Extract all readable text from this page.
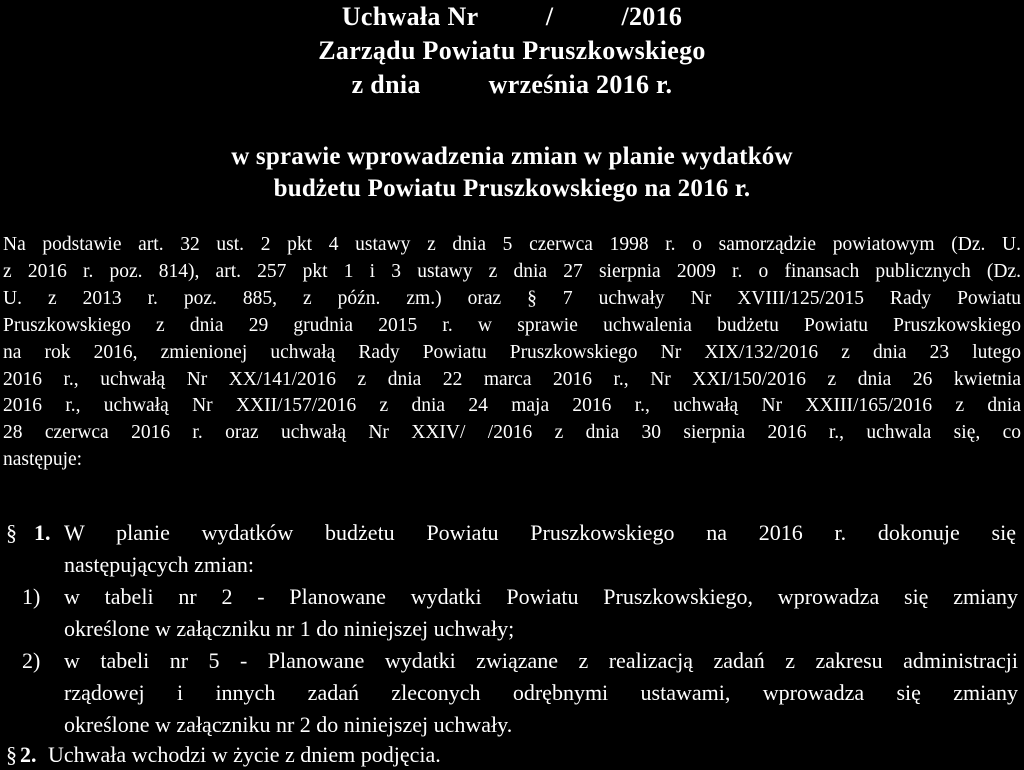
Uchwała Nr          /          /2016
Zarządu Powiatu Pruszkowskiego
z dnia          września 2016 r.
w sprawie wprowadzenia zmian w planie wydatków
budżetu Powiatu Pruszkowskiego na 2016 r.
Na podstawie art. 32 ust. 2 pkt 4 ustawy z dnia 5 czerwca 1998 r. o samorządzie powiatowym (Dz. U.
z 2016 r. poz. 814), art. 257 pkt 1 i 3 ustawy z dnia 27 sierpnia 2009 r. o finansach publicznych (Dz.
U. z 2013 r. poz. 885, z późn. zm.) oraz § 7 uchwały Nr XVIII/125/2015 Rady Powiatu
Pruszkowskiego z dnia 29 grudnia 2015 r. w sprawie uchwalenia budżetu Powiatu Pruszkowskiego
na rok 2016, zmienionej uchwałą Rady Powiatu Pruszkowskiego Nr XIX/132/2016 z dnia 23 lutego
2016 r., uchwałą Nr XX/141/2016 z dnia 22 marca 2016 r., Nr XXI/150/2016 z dnia 26 kwietnia
2016 r., uchwałą Nr XXII/157/2016 z dnia 24 maja 2016 r., uchwałą Nr XXIII/165/2016 z dnia
28 czerwca 2016 r. oraz uchwałą Nr XXIV/ /2016 z dnia 30 sierpnia 2016 r., uchwala się, co
następuje:
§ 1. W planie wydatków budżetu Powiatu Pruszkowskiego na 2016 r. dokonuje się
następujących zmian:
1) w tabeli nr 2 - Planowane wydatki Powiatu Pruszkowskiego, wprowadza się zmiany
określone w załączniku nr 1 do niniejszej uchwały;
2) w tabeli nr 5 - Planowane wydatki związane z realizacją zadań z zakresu administracji
rządowej i innych zadań zleconych odrębnymi ustawami, wprowadza się zmiany
określone w załączniku nr 2 do niniejszej uchwały.
§ 2. Uchwała wchodzi w życie z dniem podjęcia.
